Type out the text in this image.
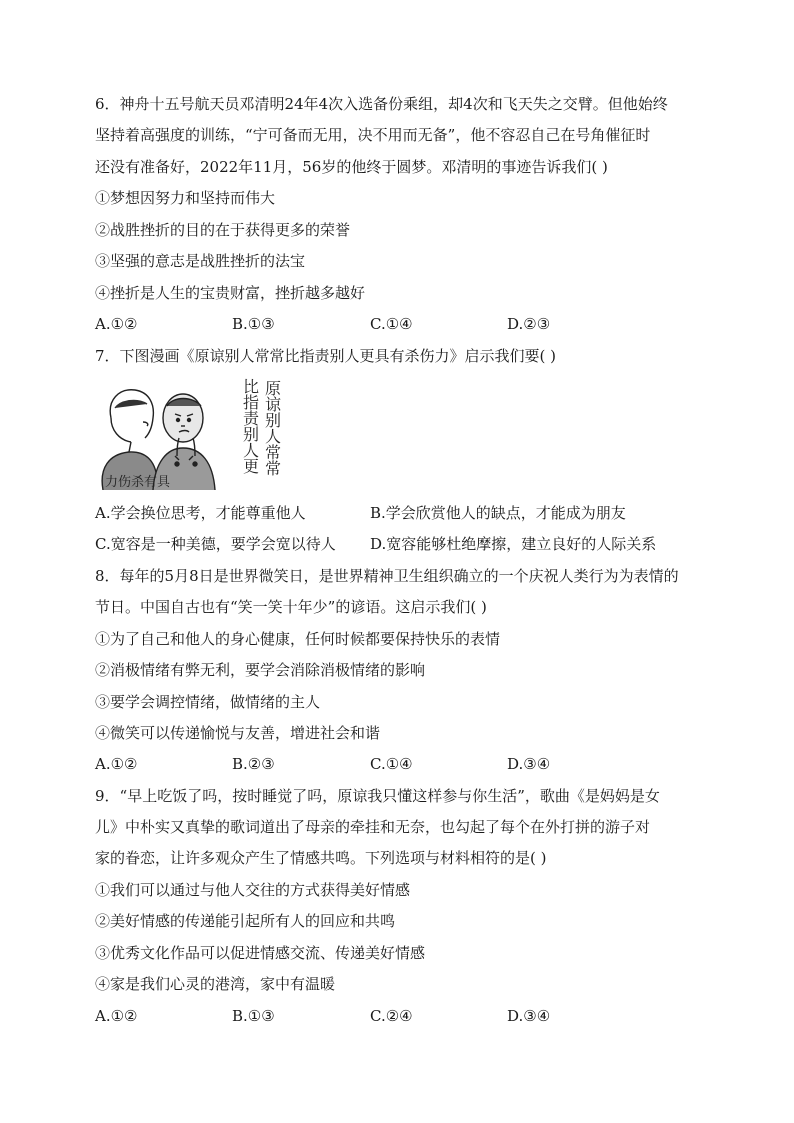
6．神舟十五号航天员邓清明24年4次入选备份乘组，却4次和飞天失之交臂。但他始终
坚持着高强度的训练，“宁可备而无用，决不用而无备”，他不容忍自己在号角催征时
还没有准备好，2022年11月，56岁的他终于圆梦。邓清明的事迹告诉我们( )
①梦想因努力和坚持而伟大
②战胜挫折的目的在于获得更多的荣誉
③坚强的意志是战胜挫折的法宝
④挫折是人生的宝贵财富，挫折越多越好
A.①②	B.①③	C.①④	D.②③
7．下图漫画《原谅别人常常比指责别人更具有杀伤力》启示我们要( )
原谅别人常常
比指责别人更
力伤杀有具
A.学会换位思考，才能尊重他人	B.学会欣赏他人的缺点，才能成为朋友
C.宽容是一种美德，要学会宽以待人 D.宽容能够杜绝摩擦，建立良好的人际关系
8．每年的5月8日是世界微笑日，是世界精神卫生组织确立的一个庆祝人类行为为表情的
节日。中国自古也有“笑一笑十年少”的谚语。这启示我们( )
①为了自己和他人的身心健康，任何时候都要保持快乐的表情
②消极情绪有弊无利，要学会消除消极情绪的影响
③要学会调控情绪，做情绪的主人
④微笑可以传递愉悦与友善，增进社会和谐
A.①②	B.②③	C.①④	D.③④
9．“早上吃饭了吗，按时睡觉了吗，原谅我只懂这样参与你生活”，歌曲《是妈妈是女
儿》中朴实又真挚的歌词道出了母亲的牵挂和无奈，也勾起了每个在外打拼的游子对
家的眷恋，让许多观众产生了情感共鸣。下列选项与材料相符的是( )
①我们可以通过与他人交往的方式获得美好情感
②美好情感的传递能引起所有人的回应和共鸣
③优秀文化作品可以促进情感交流、传递美好情感
④家是我们心灵的港湾，家中有温暖
A.①②	B.①③	C.②④	D.③④
